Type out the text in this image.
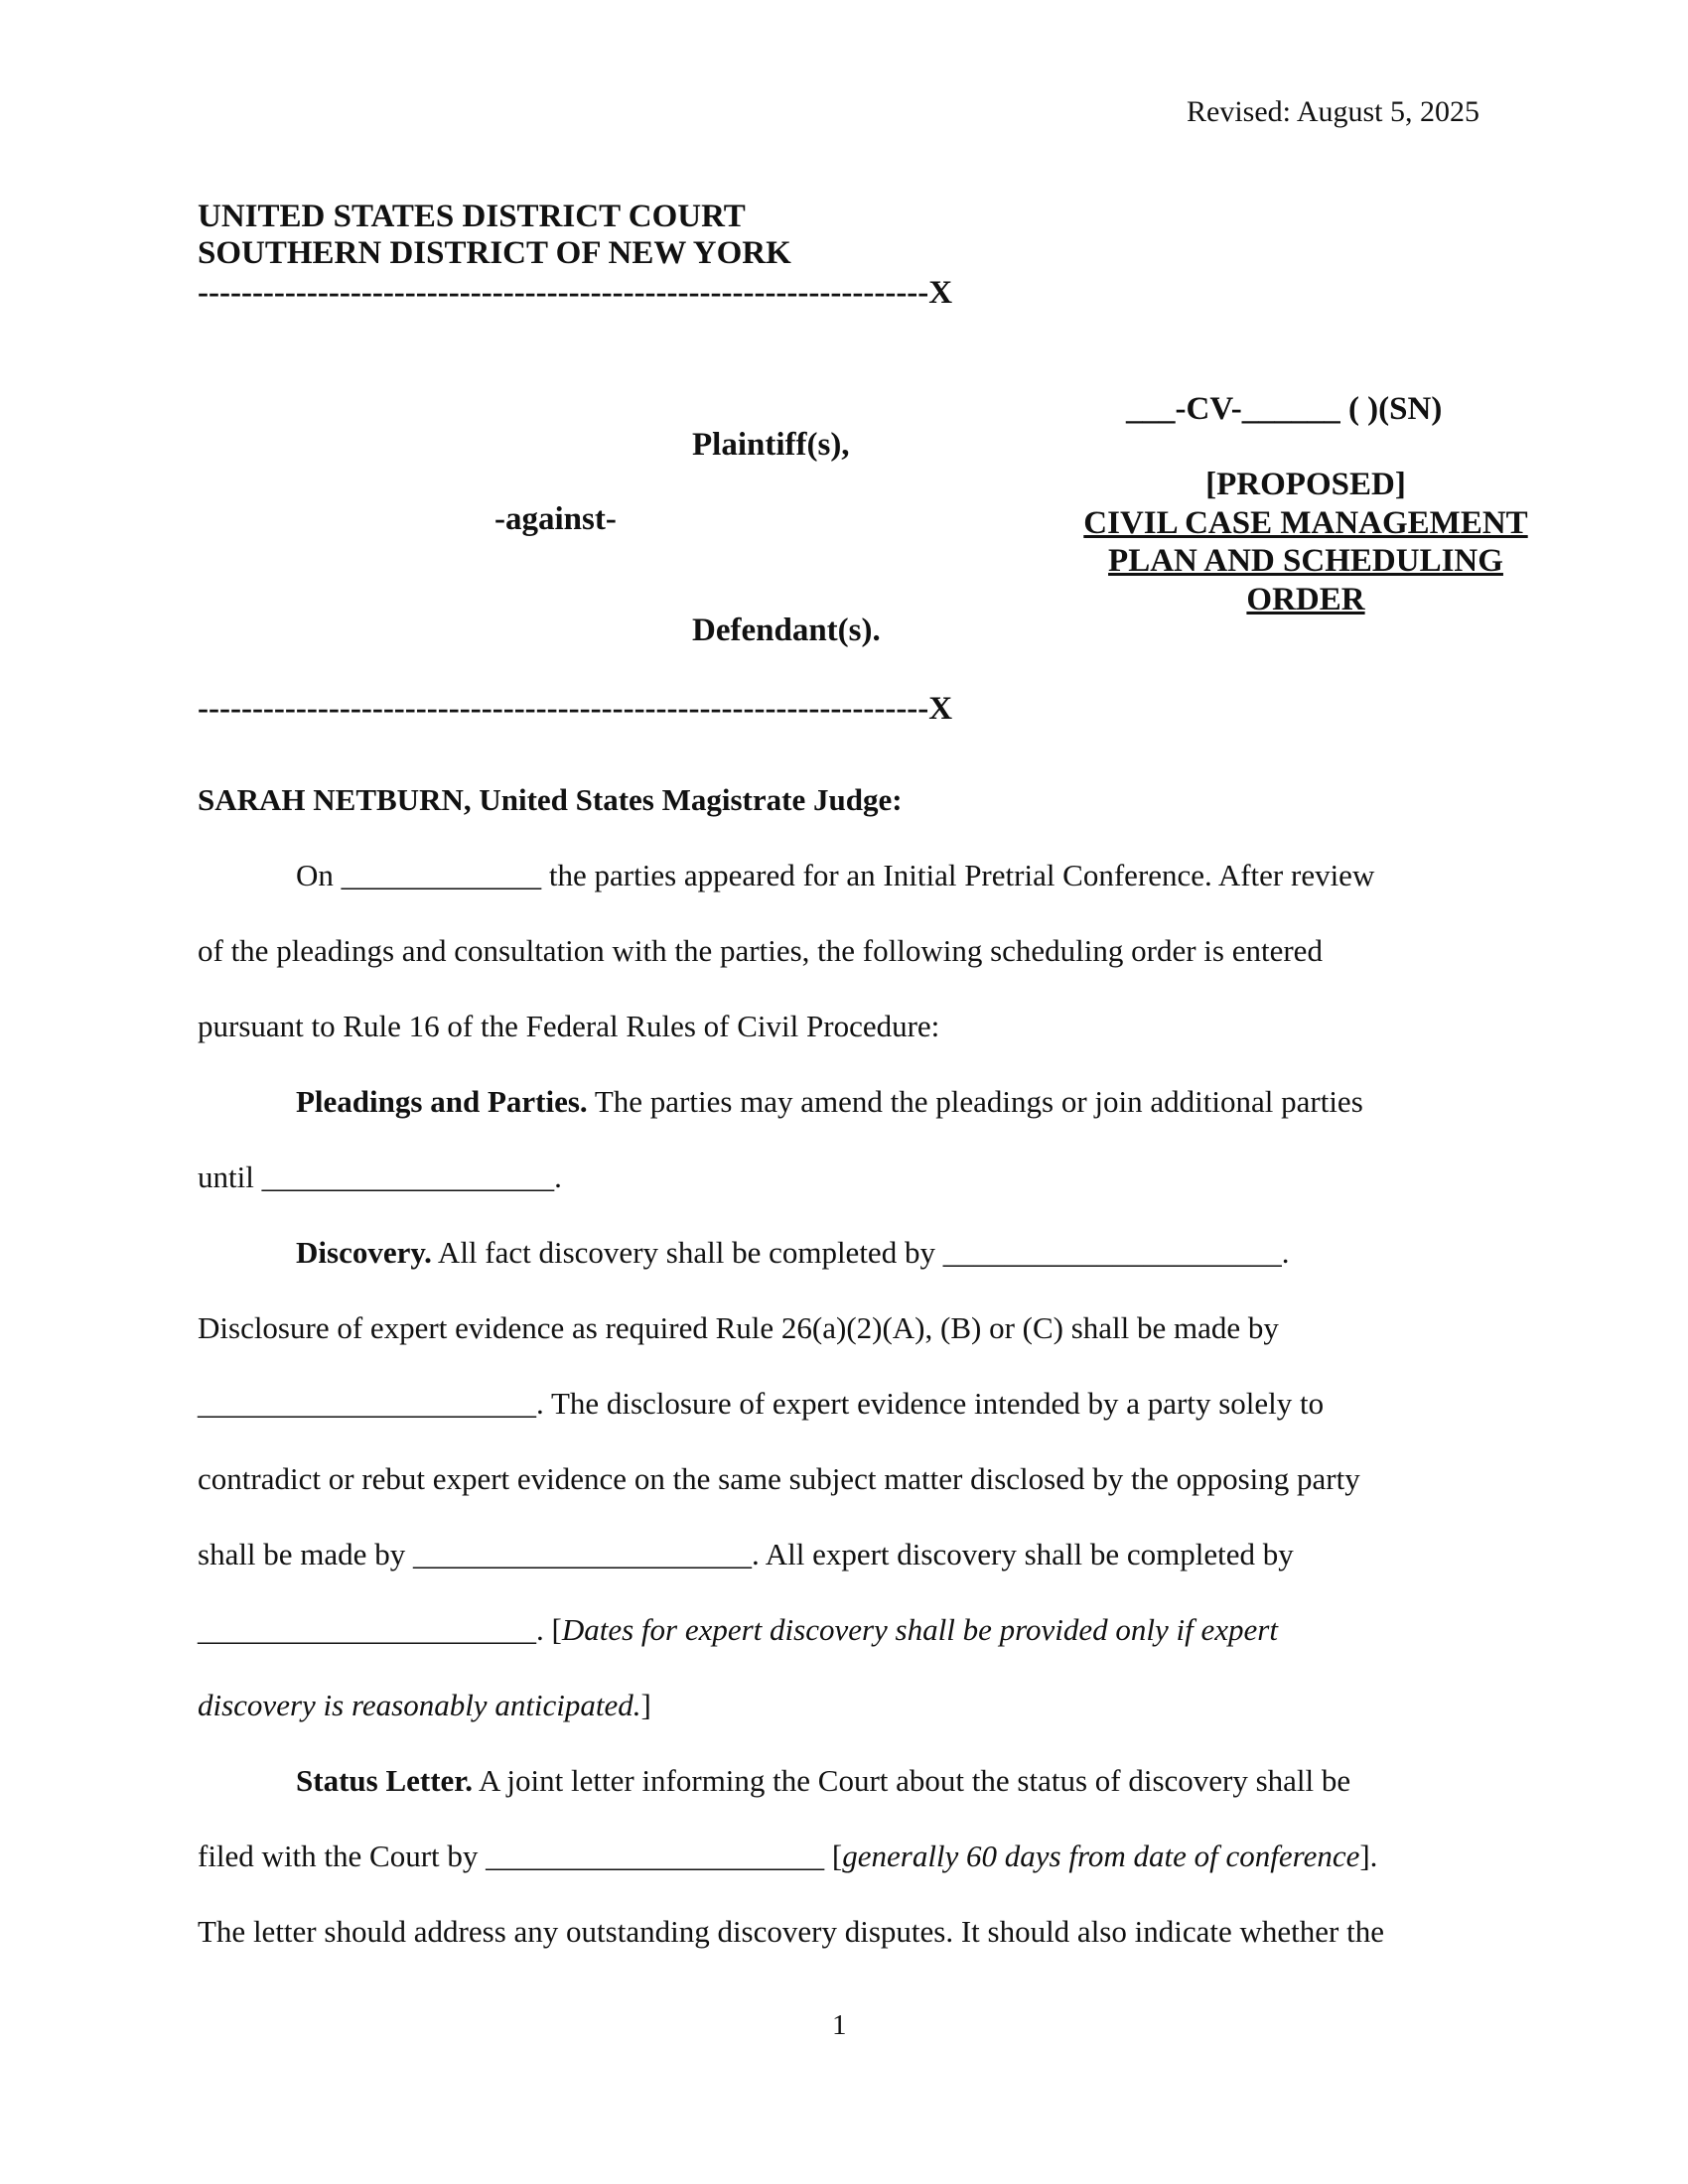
Revised: August 5, 2025
UNITED STATES DISTRICT COURT
SOUTHERN DISTRICT OF NEW YORK
-------------------------------------------------------------------X
___-CV-______ ( )(SN)
Plaintiff(s),
-against-
Defendant(s).
[PROPOSED]
CIVIL CASE MANAGEMENT
PLAN AND SCHEDULING
ORDER
-------------------------------------------------------------------X
SARAH NETBURN, United States Magistrate Judge:
On _____________ the parties appeared for an Initial Pretrial Conference. After review
of the pleadings and consultation with the parties, the following scheduling order is entered
pursuant to Rule 16 of the Federal Rules of Civil Procedure:
Pleadings and Parties. The parties may amend the pleadings or join additional parties
until ___________________.
Discovery. All fact discovery shall be completed by ______________________.
Disclosure of expert evidence as required Rule 26(a)(2)(A), (B) or (C) shall be made by
______________________. The disclosure of expert evidence intended by a party solely to
contradict or rebut expert evidence on the same subject matter disclosed by the opposing party
shall be made by ______________________. All expert discovery shall be completed by
______________________. [Dates for expert discovery shall be provided only if expert
discovery is reasonably anticipated.]
Status Letter. A joint letter informing the Court about the status of discovery shall be
filed with the Court by ______________________ [generally 60 days from date of conference].
The letter should address any outstanding discovery disputes. It should also indicate whether the
1
